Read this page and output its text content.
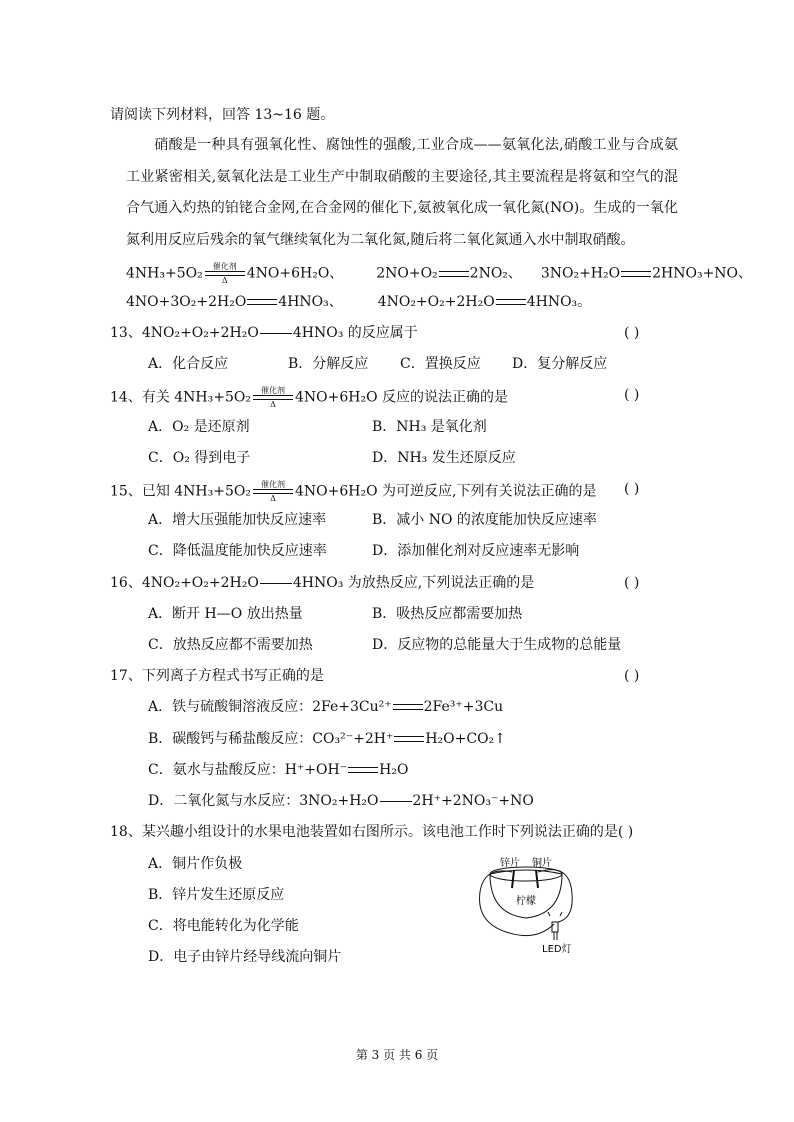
请阅读下列材料，回答 13~16 题。
硝酸是一种具有强氧化性、腐蚀性的强酸,工业合成——氨氧化法,硝酸工业与合成氨工业紧密相关,氨氧化法是工业生产中制取硝酸的主要途径,其主要流程是将氨和空气的混合气通入灼热的铂铑合金网,在合金网的催化下,氨被氧化成一氧化氮(NO)。生成的一氧化氮利用反应后残余的氧气继续氧化为二氧化氮,随后将二氧化氮通入水中制取硝酸。
4NH₃+5O₂ 催化剂
Δ 4NO+6H₂O、  2NO+O₂ 2NO₂、  3NO₂+H₂O 2HNO₃+NO、
4NO+3O₂+2H₂O 4HNO₃、  4NO₂+O₂+2H₂O 4HNO₃。
13、4NO₂+O₂+2H₂O 4HNO₃ 的反应属于	( )
A．化合反应	B．分解反应 C．置换反应 D．复分解反应
14、有关 4NH₃+5O₂ 催化剂
Δ 4NO+6H₂O 反应的说法正确的是	( )
A．O₂ 是还原剂	B．NH₃ 是氧化剂
C．O₂ 得到电子	D．NH₃ 发生还原反应
15、已知 4NH₃+5O₂ 催化剂
Δ 4NO+6H₂O 为可逆反应,下列有关说法正确的是 ( )
A．增大压强能加快反应速率	B．减小 NO 的浓度能加快反应速率
C．降低温度能加快反应速率	D．添加催化剂对反应速率无影响
16、4NO₂+O₂+2H₂O 4HNO₃ 为放热反应,下列说法正确的是	( )
A．断开 H—O 放出热量	B．吸热反应都需要加热
C．放热反应都不需要加热	D．反应物的总能量大于生成物的总能量
17、下列离子方程式书写正确的是	( )
A．铁与硫酸铜溶液反应：2Fe+3Cu²⁺ 2Fe³⁺+3Cu
B．碳酸钙与稀盐酸反应：CO₃²⁻+2H⁺ H₂O+CO₂↑
C．氨水与盐酸反应：H⁺+OH⁻ H₂O
D．二氧化氮与水反应：3NO₂+H₂O 2H⁺+2NO₃⁻+NO
18、某兴趣小组设计的水果电池装置如右图所示。该电池工作时下列说法正确的是( )
A．铜片作负极
B．锌片发生还原反应
C．将电能转化为化学能
D．电子由锌片经导线流向铜片
锌片 铜片
柠檬
LED灯
第 3 页 共 6 页
